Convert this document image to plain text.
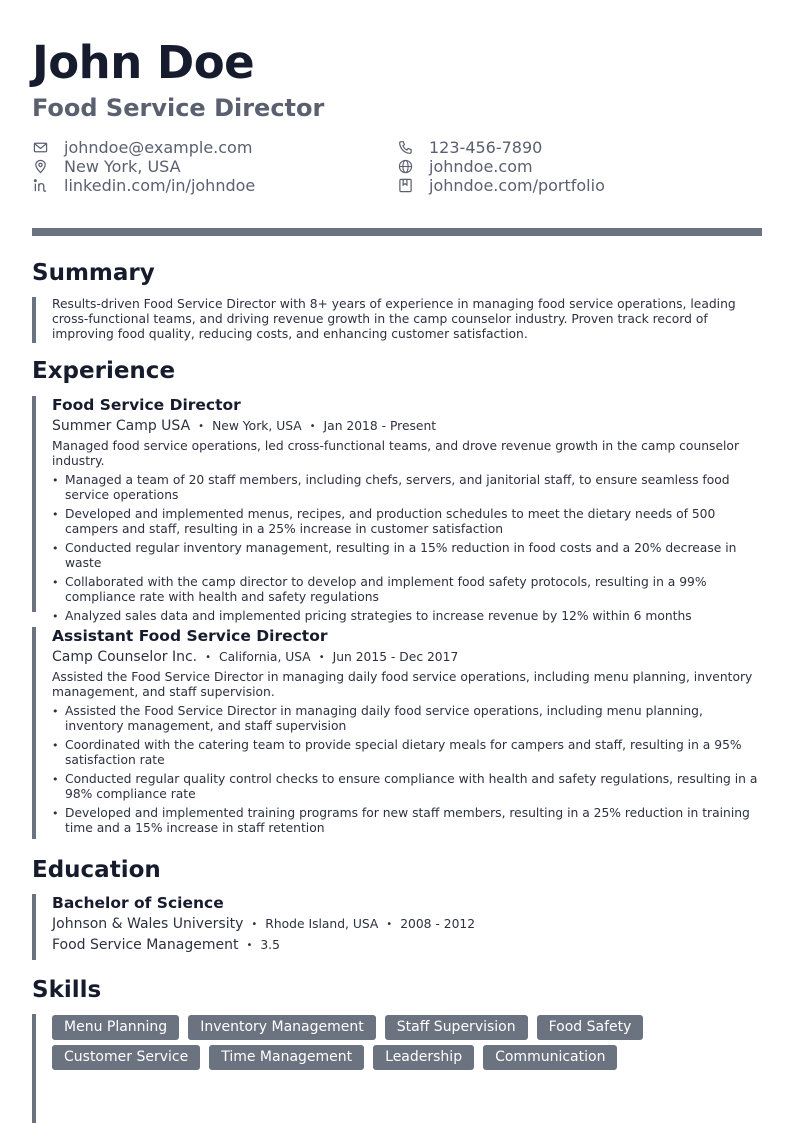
John Doe
Food Service Director
johndoe@example.com	123-456-7890
New York, USA	johndoe.com
linkedin.com/in/johndoe	johndoe.com/portfolio
Summary
Results-driven Food Service Director with 8+ years of experience in managing food service operations, leading cross-functional teams, and driving revenue growth in the camp counselor industry. Proven track record of improving food quality, reducing costs, and enhancing customer satisfaction.
Experience
Food Service Director
Summer Camp USA • New York, USA • Jan 2018 - Present
Managed food service operations, led cross-functional teams, and drove revenue growth in the camp counselor industry.
• Managed a team of 20 staff members, including chefs, servers, and janitorial staff, to ensure seamless food service operations
• Developed and implemented menus, recipes, and production schedules to meet the dietary needs of 500 campers and staff, resulting in a 25% increase in customer satisfaction
• Conducted regular inventory management, resulting in a 15% reduction in food costs and a 20% decrease in waste
• Collaborated with the camp director to develop and implement food safety protocols, resulting in a 99% compliance rate with health and safety regulations
• Analyzed sales data and implemented pricing strategies to increase revenue by 12% within 6 months
Assistant Food Service Director
Camp Counselor Inc. • California, USA • Jun 2015 - Dec 2017
Assisted the Food Service Director in managing daily food service operations, including menu planning, inventory management, and staff supervision.
• Assisted the Food Service Director in managing daily food service operations, including menu planning, inventory management, and staff supervision
• Coordinated with the catering team to provide special dietary meals for campers and staff, resulting in a 95% satisfaction rate
• Conducted regular quality control checks to ensure compliance with health and safety regulations, resulting in a 98% compliance rate
• Developed and implemented training programs for new staff members, resulting in a 25% reduction in training time and a 15% increase in staff retention
Education
Bachelor of Science
Johnson & Wales University • Rhode Island, USA • 2008 - 2012
Food Service Management • 3.5
Skills
Menu Planning	Inventory Management	Staff Supervision	Food Safety
Customer Service	Time Management	Leadership	Communication
